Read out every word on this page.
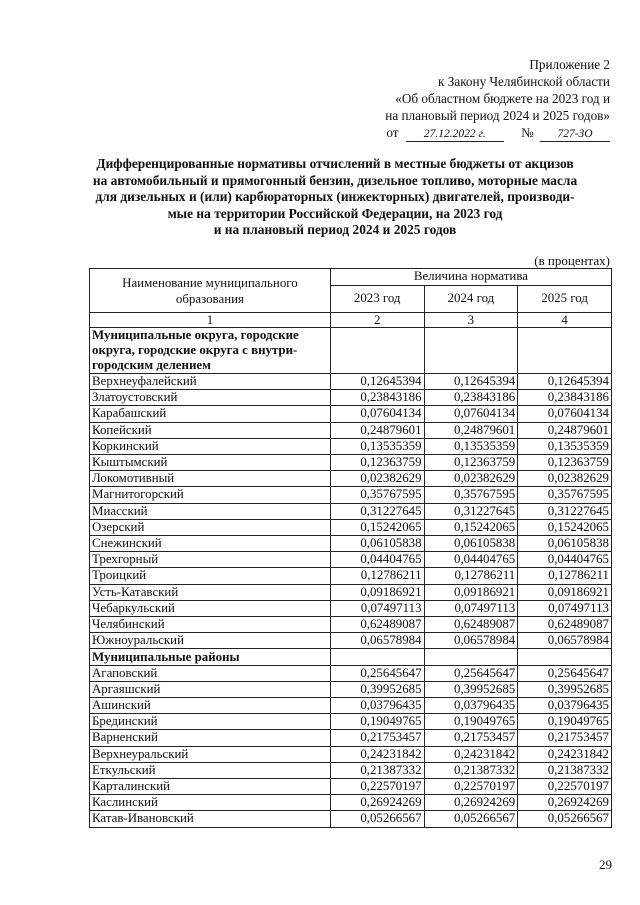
Приложение 2
к Закону Челябинской области
«Об областном бюджете на 2023 год и
на плановый период 2024 и 2025 годов»
от 27.12.2022 г.	№ 727-ЗО
Дифференцированные нормативы отчислений в местные бюджеты от акцизов
на автомобильный и прямогонный бензин, дизельное топливо, моторные масла
для дизельных и (или) карбюраторных (инжекторных) двигателей, производи-
мые на территории Российской Федерации, на 2023 год
и на плановый период 2024 и 2025 годов
(в процентах)
Наименование муниципального образования	Величина норматива		
	2023 год	2024 год	2025 год
1	2	3	4
Муниципальные округа, городские округа, городские округа с внутри-городским делением			
Верхнеуфалейский	0,12645394	0,12645394	0,12645394
Златоустовский	0,23843186	0,23843186	0,23843186
Карабашский	0,07604134	0,07604134	0,07604134
Копейский	0,24879601	0,24879601	0,24879601
Коркинский	0,13535359	0,13535359	0,13535359
Кыштымский	0,12363759	0,12363759	0,12363759
Локомотивный	0,02382629	0,02382629	0,02382629
Магнитогорский	0,35767595	0,35767595	0,35767595
Миасский	0,31227645	0,31227645	0,31227645
Озерский	0,15242065	0,15242065	0,15242065
Снежинский	0,06105838	0,06105838	0,06105838
Трехгорный	0,04404765	0,04404765	0,04404765
Троицкий	0,12786211	0,12786211	0,12786211
Усть-Катавский	0,09186921	0,09186921	0,09186921
Чебаркульский	0,07497113	0,07497113	0,07497113
Челябинский	0,62489087	0,62489087	0,62489087
Южноуральский	0,06578984	0,06578984	0,06578984
Муниципальные районы			
Агаповский	0,25645647	0,25645647	0,25645647
Аргаяшский	0,39952685	0,39952685	0,39952685
Ашинский	0,03796435	0,03796435	0,03796435
Брединский	0,19049765	0,19049765	0,19049765
Варненский	0,21753457	0,21753457	0,21753457
Верхнеуральский	0,24231842	0,24231842	0,24231842
Еткульский	0,21387332	0,21387332	0,21387332
Карталинский	0,22570197	0,22570197	0,22570197
Каслинский	0,26924269	0,26924269	0,26924269
Катав-Ивановский	0,05266567	0,05266567	0,05266567
29
